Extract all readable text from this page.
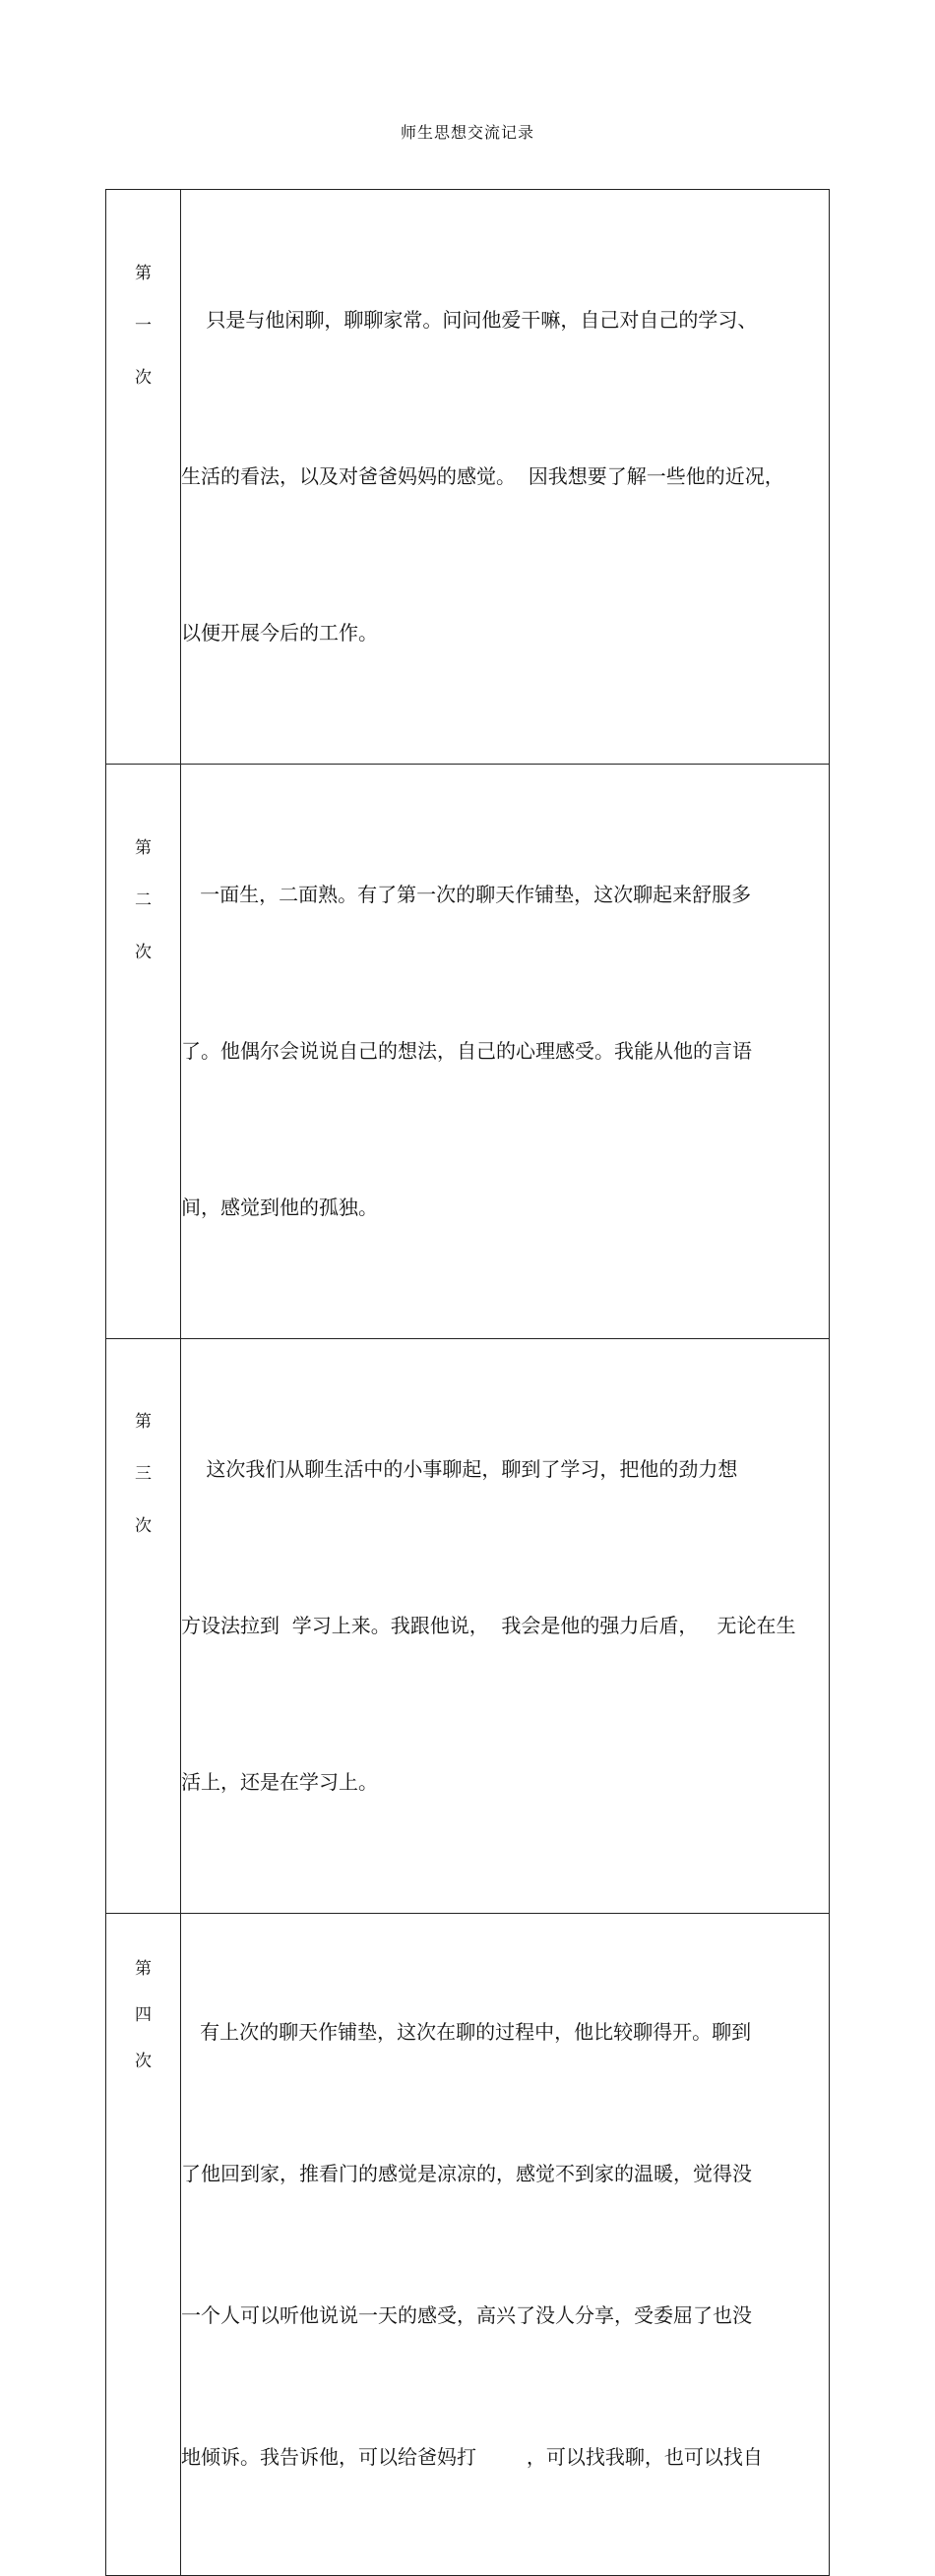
师生思想交流记录
第
一
次	只是与他闲聊，聊聊家常。问问他爱干嘛，自己对自己的学习、

生活的看法，以及对爸爸妈妈的感觉。  因我想要了解一些他的近况，

以便开展今后的工作。

第
二
次	一面生，二面熟。有了第一次的聊天作铺垫，这次聊起来舒服多

了。他偶尔会说说自己的想法，自己的心理感受。我能从他的言语

间，感觉到他的孤独。

第
三
次	这次我们从聊生活中的小事聊起，聊到了学习，把他的劲力想

方设法拉到  学习上来。我跟他说，  我会是他的强力后盾，   无论在生

活上，还是在学习上。

第
四
次	有上次的聊天作铺垫，这次在聊的过程中，他比较聊得开。聊到

了他回到家，推看门的感觉是凉凉的，感觉不到家的温暖，觉得没

一个人可以听他说说一天的感受，高兴了没人分享，受委屈了也没

地倾诉。我告诉他，可以给爸妈打        ，可以找我聊，也可以找自
